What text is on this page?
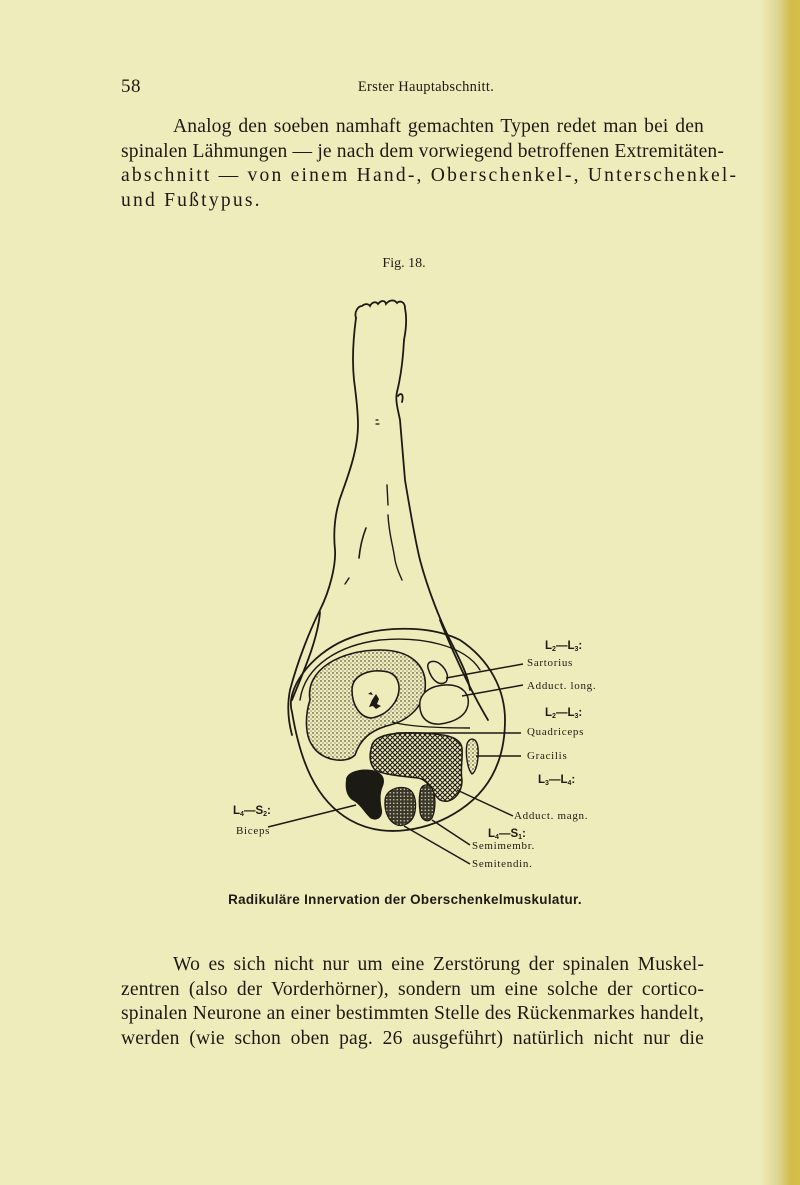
58	Erster Hauptabschnitt.
Analog den soeben namhaft gemachten Typen redet man bei den
spinalen Lähmungen — je nach dem vorwiegend betroffenen Extremitäten-
abschnitt — von einem Hand-, Oberschenkel-, Unterschenkel-
und Fußtypus.
Fig. 18.
$L_2—L_3$:
Sartorius
Adduct. long.
$L_2—L_3$:
Quadriceps
Gracilis
$L_3—L_4$:
Adduct. magn.
$L_4—S_1$:
Semimembr.
Semitendin.
$L_4—S_2$:
Biceps
Radikuläre Innervation der Oberschenkelmuskulatur.
Wo es sich nicht nur um eine Zerstörung der spinalen Muskel-
zentren (also der Vorderhörner), sondern um eine solche der cortico-
spinalen Neurone an einer bestimmten Stelle des Rückenmarkes handelt,
werden (wie schon oben pag. 26 ausgeführt) natürlich nicht nur die
